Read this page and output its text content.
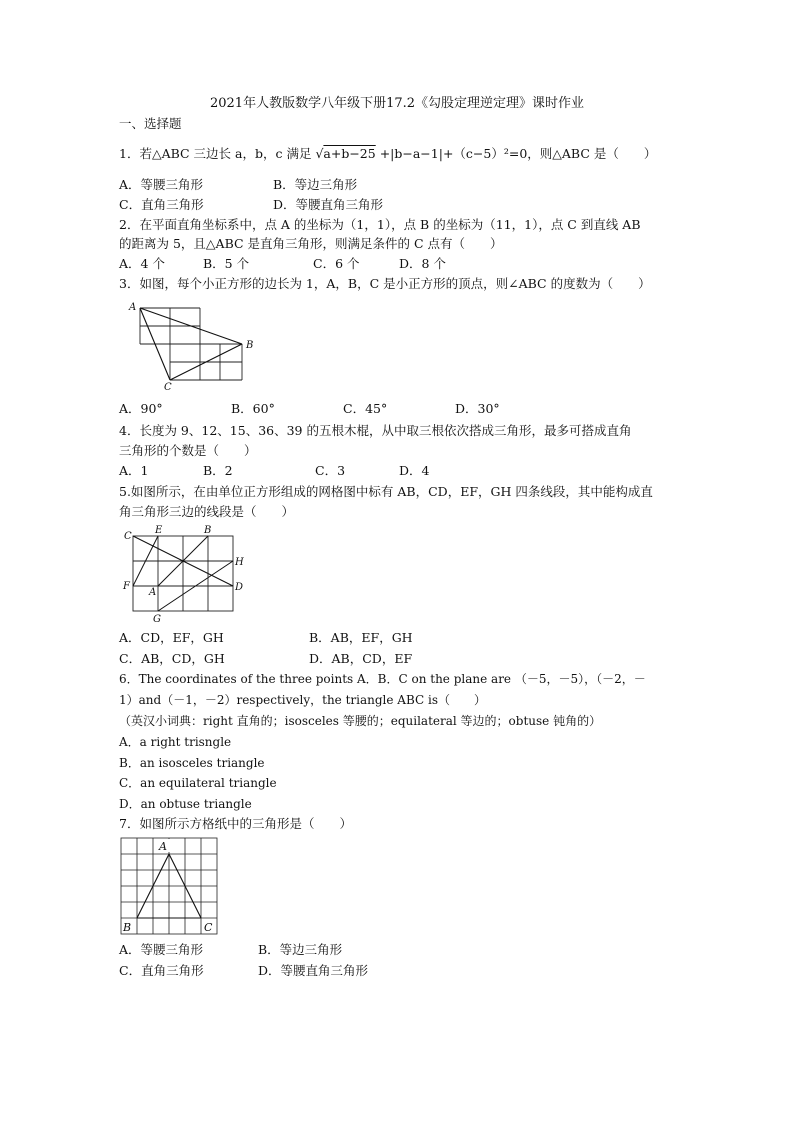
2021年人教版数学八年级下册17.2《勾股定理逆定理》课时作业
一、选择题
1．若△ABC 三边长 a，b，c 满足 √a+b−25 +|b−a−1|+（c−5）²=0，则△ABC 是（　　）
A．等腰三角形	B．等边三角形
C．直角三角形	D．等腰直角三角形
2．在平面直角坐标系中，点 A 的坐标为（1，1），点 B 的坐标为（11，1），点 C 到直线 AB
的距离为 5，且△ABC 是直角三角形，则满足条件的 C 点有（　　）
A．4 个	B．5 个	C．6 个	D．8 个
3．如图，每个小正方形的边长为 1，A，B，C 是小正方形的顶点，则∠ABC 的度数为（　　）
A
B
C
A．90°	B．60°	C．45°	D．30°
4．长度为 9、12、15、36、39 的五根木棍，从中取三根依次搭成三角形，最多可搭成直角
三角形的个数是（　　）
A．1	B．2	C．3	D．4
5.如图所示，在由单位正方形组成的网格图中标有 AB，CD，EF，GH 四条线段，其中能构成直
角三角形三边的线段是（　　）
C
E	B
H
F
A	D
G
A．CD，EF，GH	B．AB，EF，GH
C．AB，CD，GH	D．AB，CD，EF
6．The coordinates of the three points A．B．C on the plane are （－5，－5），（－2，－
1）and（－1，－2）respectively，the triangle ABC is（　　）
（英汉小词典：right 直角的；isosceles 等腰的；equilateral 等边的；obtuse 钝角的）
A．a right trisngle
B．an isosceles triangle
C．an equilateral triangle
D．an obtuse triangle
7．如图所示方格纸中的三角形是（　　）
A
B	C
A．等腰三角形	B．等边三角形
C．直角三角形	D．等腰直角三角形
